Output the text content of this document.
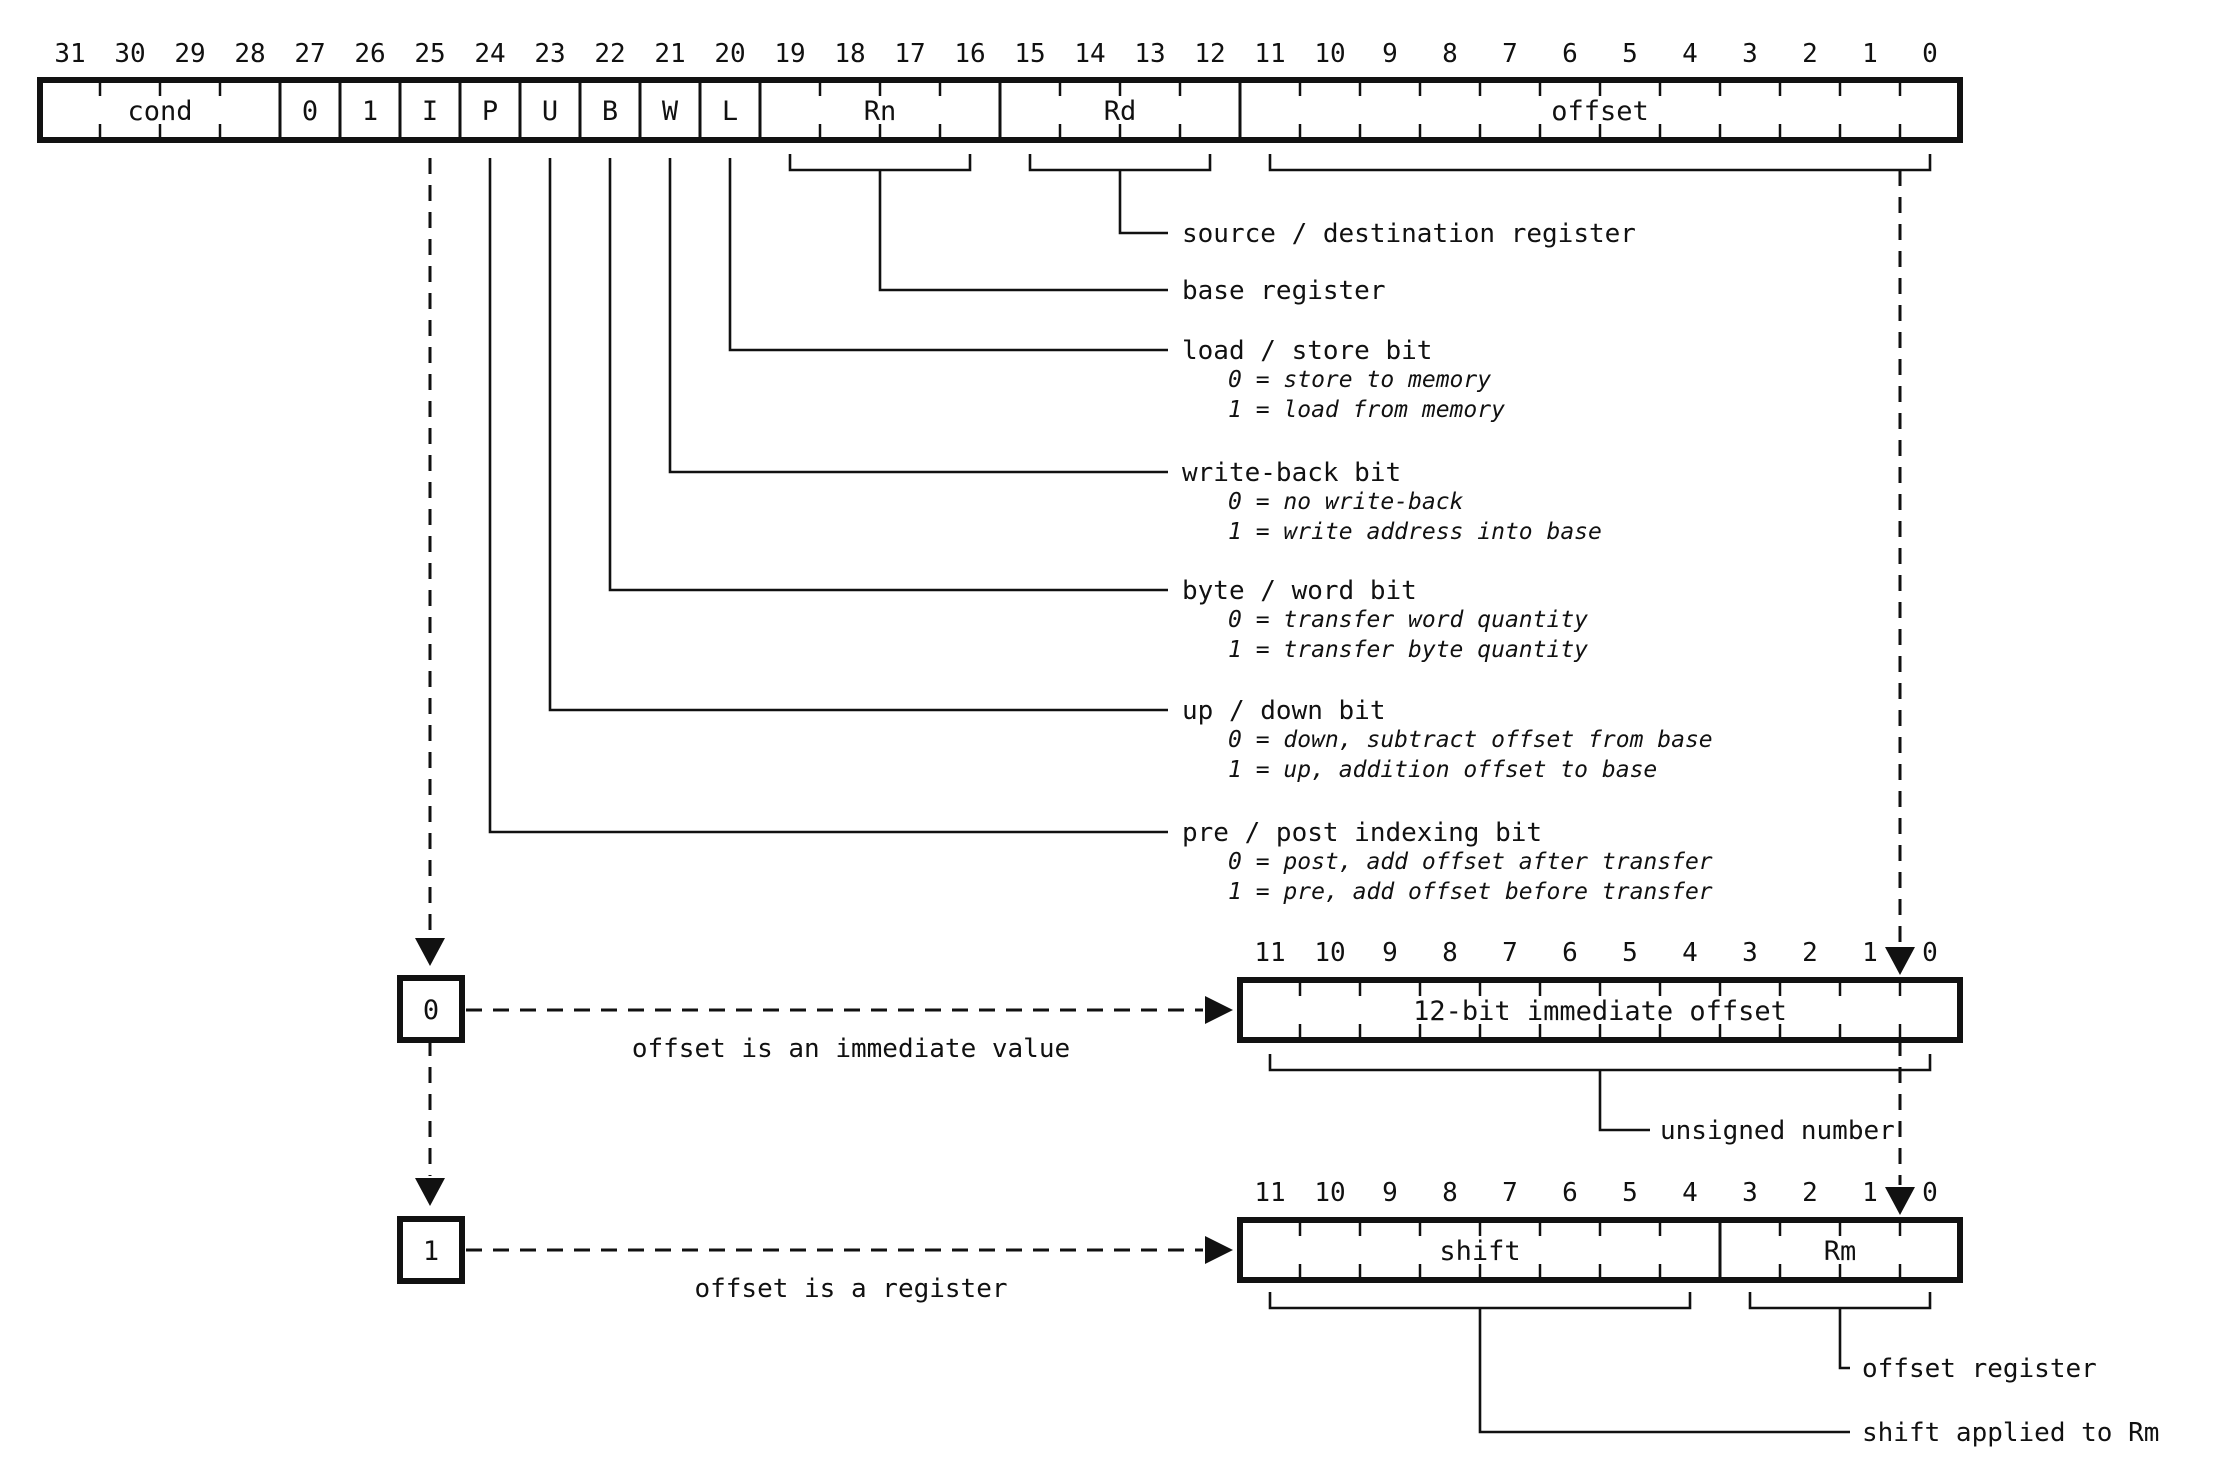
31 30 29 28 27 26 25 24 23 22 21 20 19 18 17 16 15 14 13 12 11 10 9 8 7 6 5 4 3 2 1 0
cond	0 1 I P U B W L	Rn	Rd	offset
11 10 9 8 7 6 5 4 3 2 1 0
12-bit immediate offset
11 10 9 8 7 6 5 4 3 2 1 0
shift	Rm
0
1
offset is an immediate value
offset is a register
unsigned number
offset register
shift applied to Rm
source / destination register
base register
load / store bit
0 = store to memory
1 = load from memory
write-back bit
0 = no write-back
1 = write address into base
byte / word bit
0 = transfer word quantity
1 = transfer byte quantity
up / down bit
0 = down, subtract offset from base
1 = up, addition offset to base
pre / post indexing bit
0 = post, add offset after transfer
1 = pre, add offset before transfer
